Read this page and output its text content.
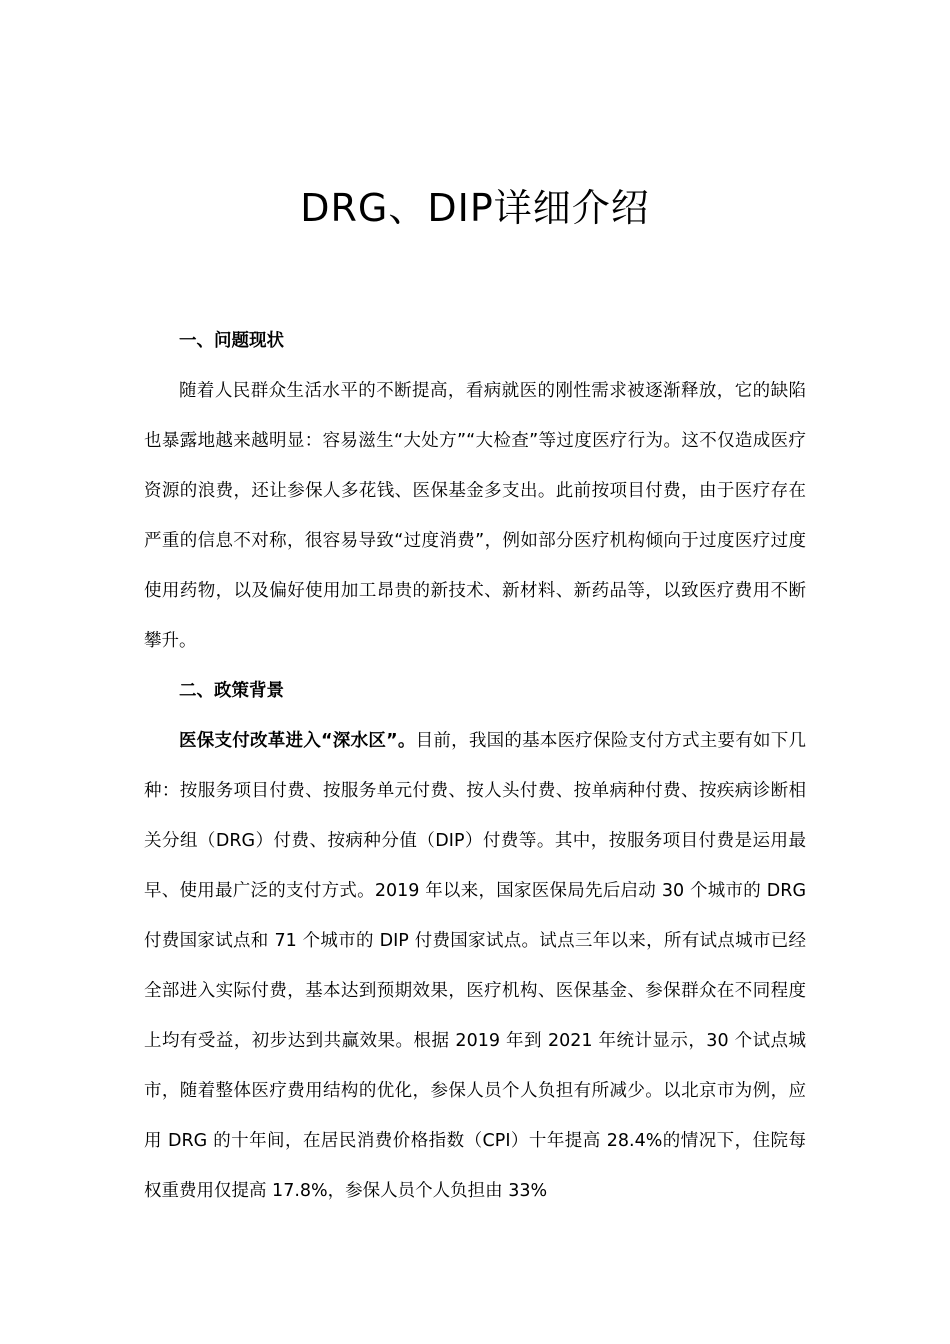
DRG、DIP详细介绍

一、问题现状

随着人民群众生活水平的不断提高，看病就医的刚性需求被逐渐释放，它的缺陷也暴露地越来越明显：容易滋生“大处方”“大检查”等过度医疗行为。这不仅造成医疗资源的浪费，还让参保人多花钱、医保基金多支出。此前按项目付费，由于医疗存在严重的信息不对称，很容易导致“过度消费”，例如部分医疗机构倾向于过度医疗过度使用药物，以及偏好使用加工昂贵的新技术、新材料、新药品等，以致医疗费用不断攀升。

二、政策背景

医保支付改革进入“深水区”。目前，我国的基本医疗保险支付方式主要有如下几种：按服务项目付费、按服务单元付费、按人头付费、按单病种付费、按疾病诊断相关分组（DRG）付费、按病种分值（DIP）付费等。其中，按服务项目付费是运用最早、使用最广泛的支付方式。2019 年以来，国家医保局先后启动 30 个城市的 DRG 付费国家试点和 71 个城市的 DIP 付费国家试点。试点三年以来，所有试点城市已经全部进入实际付费，基本达到预期效果，医疗机构、医保基金、参保群众在不同程度上均有受益，初步达到共赢效果。根据 2019 年到 2021 年统计显示，30 个试点城市，随着整体医疗费用结构的优化，参保人员个人负担有所减少。以北京市为例，应用 DRG 的十年间，在居民消费价格指数（CPI）十年提高 28.4%的情况下，住院每权重费用仅提高 17.8%，参保人员个人负担由 33%
